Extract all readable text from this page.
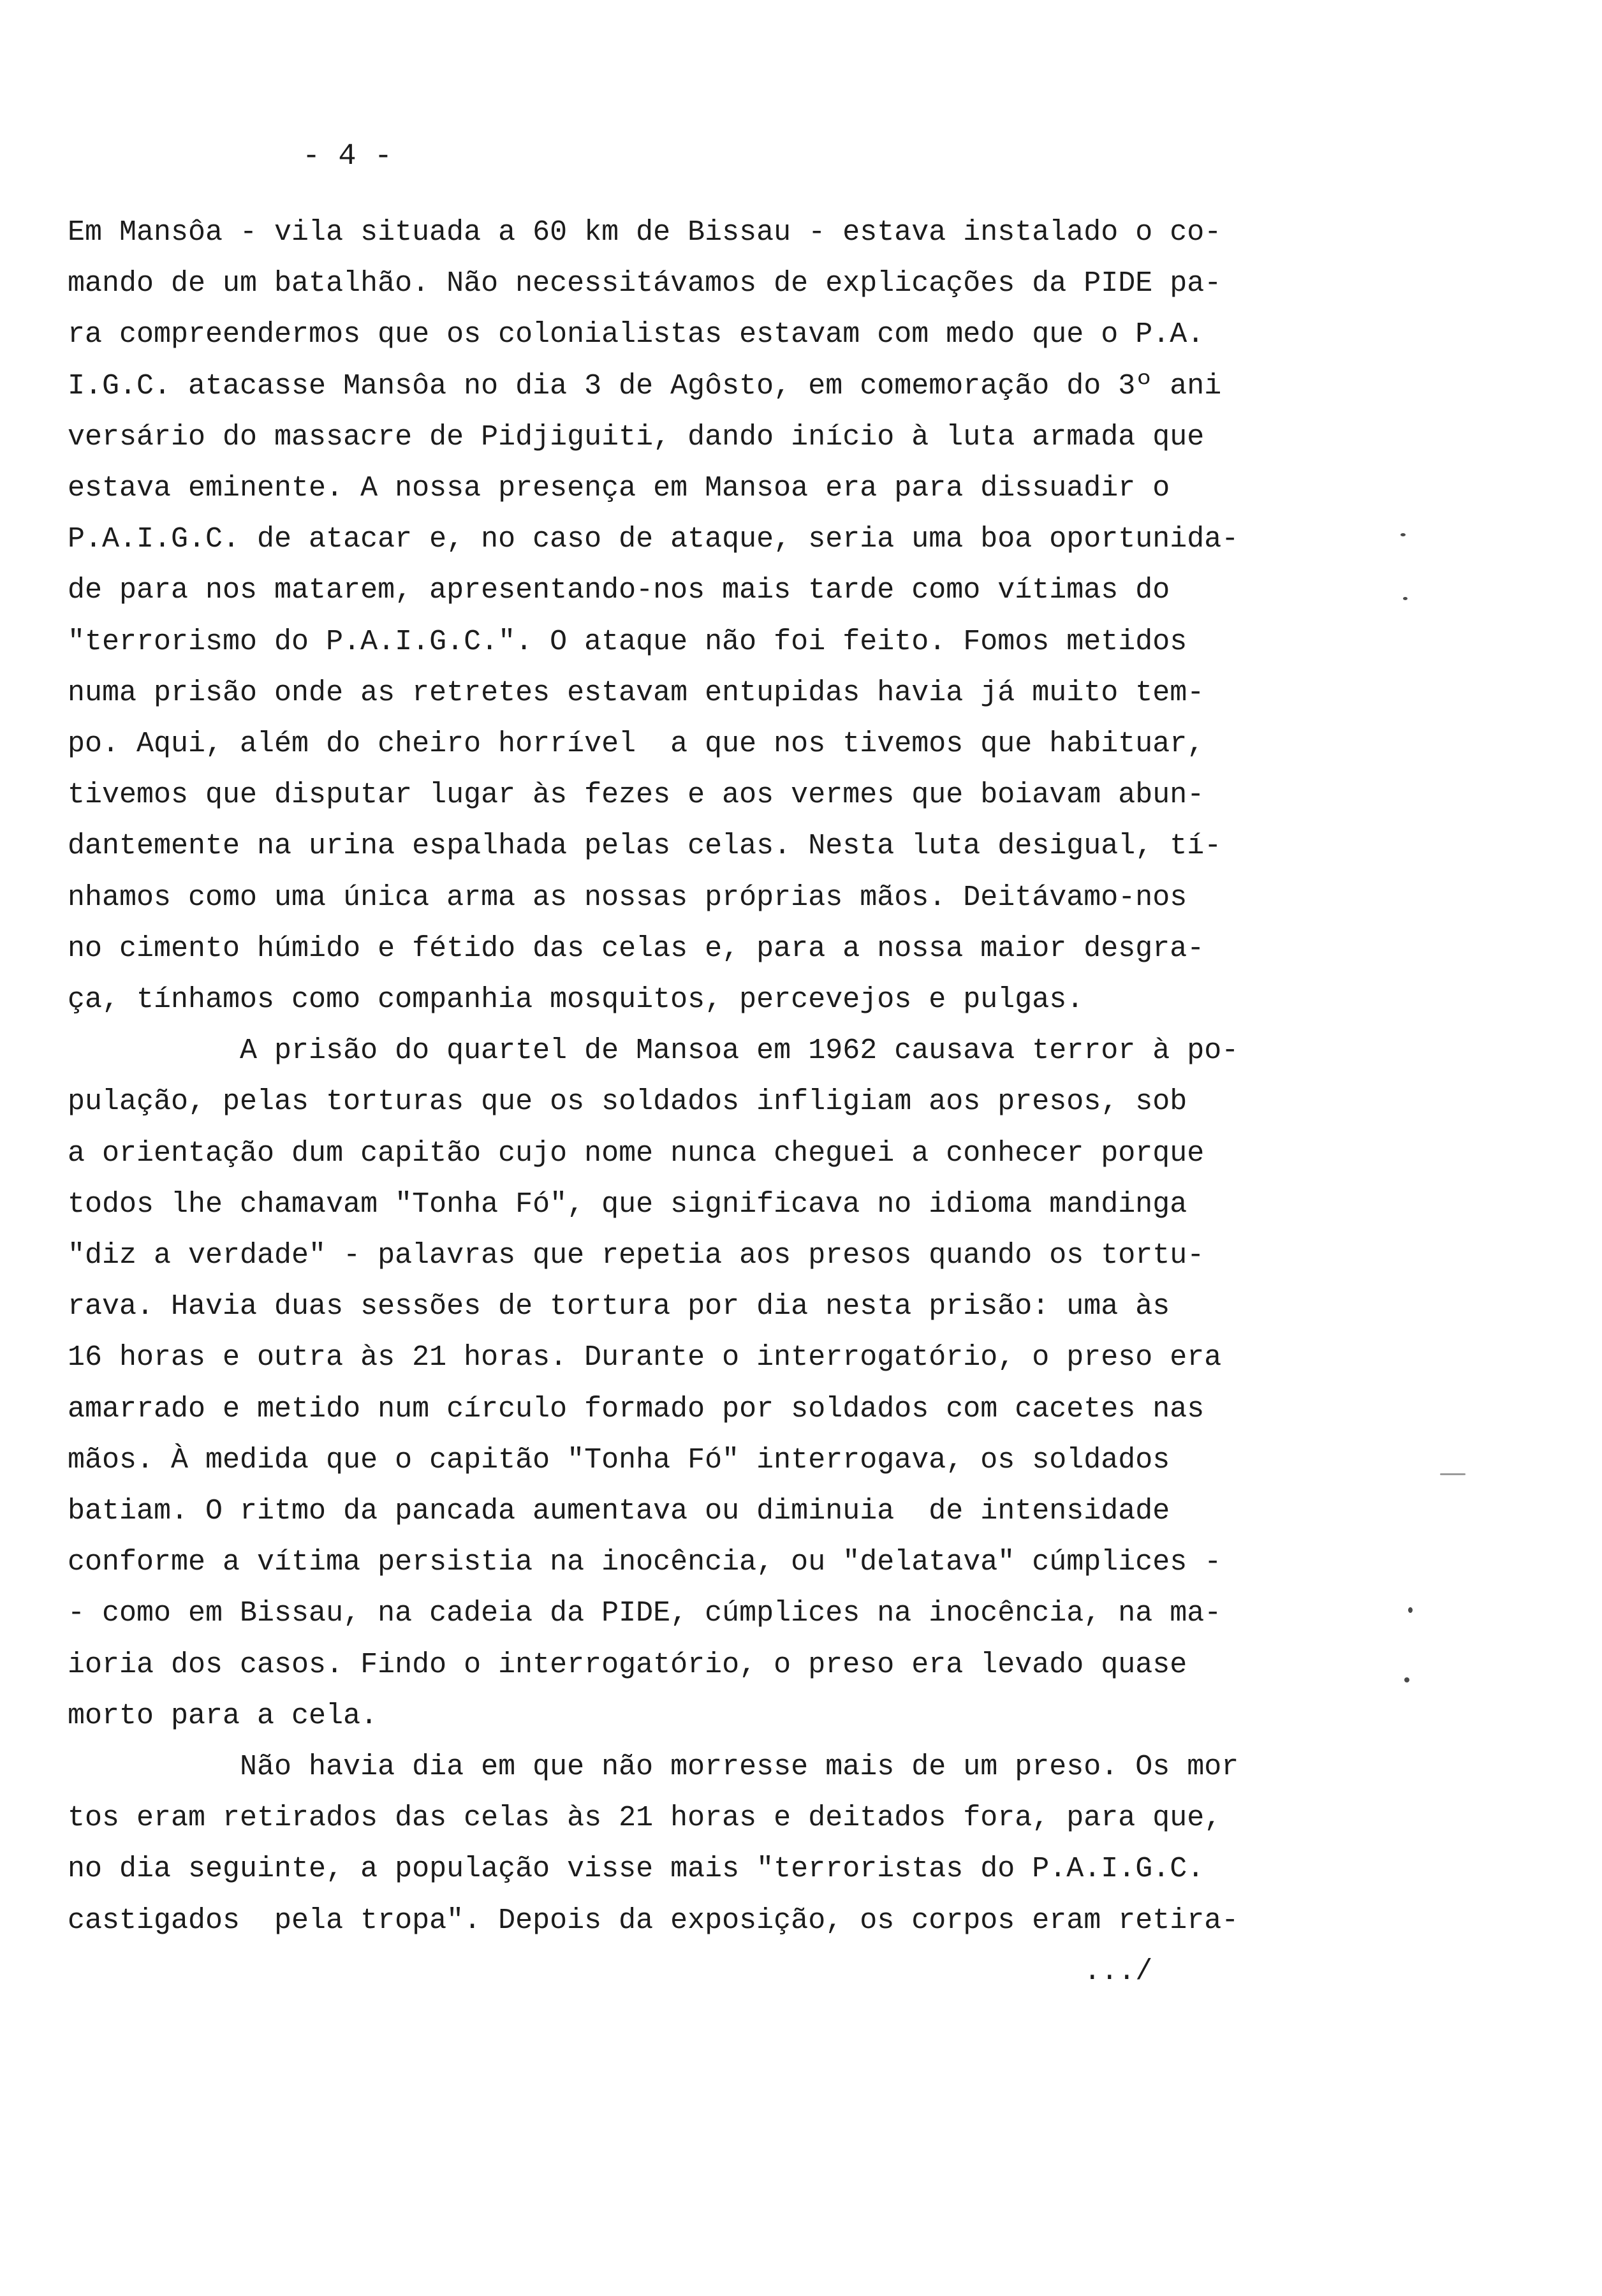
- 4 -
Em Mansôa - vila situada a 60 km de Bissau - estava instalado o co-
mando de um batalhão. Não necessitávamos de explicações da PIDE pa-
ra compreendermos que os colonialistas estavam com medo que o P.A.
I.G.C. atacasse Mansôa no dia 3 de Agôsto, em comemoração do 3º ani
versário do massacre de Pidjiguiti, dando início à luta armada que
estava eminente. A nossa presença em Mansoa era para dissuadir o
P.A.I.G.C. de atacar e, no caso de ataque, seria uma boa oportunida-
de para nos matarem, apresentando-nos mais tarde como vítimas do
"terrorismo do P.A.I.G.C.". O ataque não foi feito. Fomos metidos
numa prisão onde as retretes estavam entupidas havia já muito tem-
po. Aqui, além do cheiro horrível  a que nos tivemos que habituar,
tivemos que disputar lugar às fezes e aos vermes que boiavam abun-
dantemente na urina espalhada pelas celas. Nesta luta desigual, tí-
nhamos como uma única arma as nossas próprias mãos. Deitávamo-nos
no cimento húmido e fétido das celas e, para a nossa maior desgra-
ça, tínhamos como companhia mosquitos, percevejos e pulgas.
A prisão do quartel de Mansoa em 1962 causava terror à po-
pulação, pelas torturas que os soldados infligiam aos presos, sob
a orientação dum capitão cujo nome nunca cheguei a conhecer porque
todos lhe chamavam "Tonha Fó", que significava no idioma mandinga
"diz a verdade" - palavras que repetia aos presos quando os tortu-
rava. Havia duas sessões de tortura por dia nesta prisão: uma às
16 horas e outra às 21 horas. Durante o interrogatório, o preso era
amarrado e metido num círculo formado por soldados com cacetes nas
mãos. À medida que o capitão "Tonha Fó" interrogava, os soldados
batiam. O ritmo da pancada aumentava ou diminuia  de intensidade
conforme a vítima persistia na inocência, ou "delatava" cúmplices -
- como em Bissau, na cadeia da PIDE, cúmplices na inocência, na ma-
ioria dos casos. Findo o interrogatório, o preso era levado quase
morto para a cela.
Não havia dia em que não morresse mais de um preso. Os mor
tos eram retirados das celas às 21 horas e deitados fora, para que,
no dia seguinte, a população visse mais "terroristas do P.A.I.G.C.
castigados  pela tropa". Depois da exposição, os corpos eram retira-
.../
